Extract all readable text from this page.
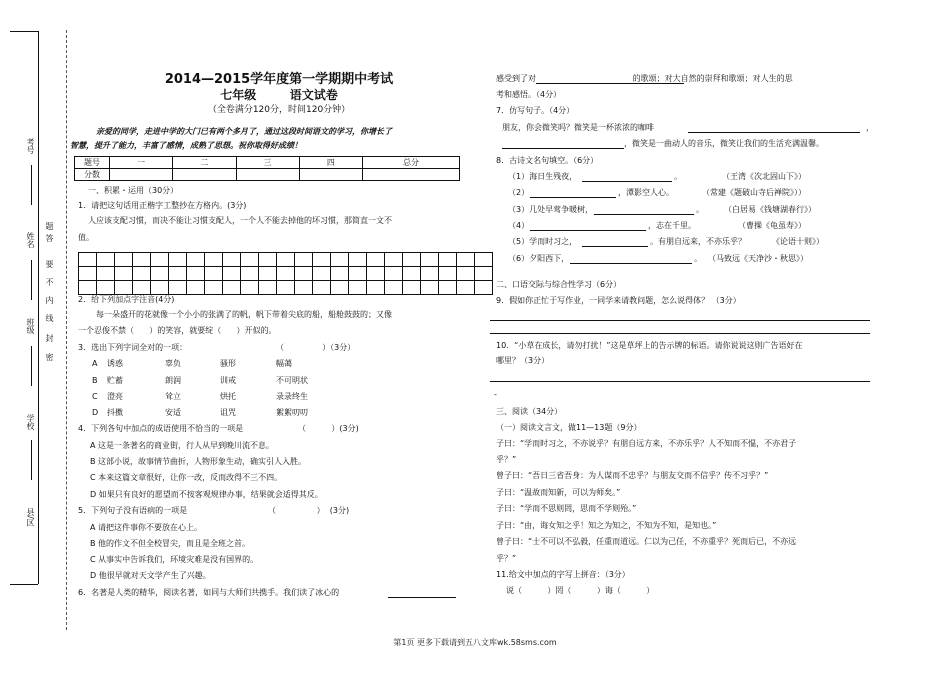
考号
姓名
题
答
要
不
内
线
班级
封
密
学校
县/区
2014—2015学年度第一学期期中考试
七年级        语文试卷
（全卷满分120分，时间120分钟）
亲爱的同学，走进中学的大门已有两个多月了，通过这段时间语文的学习，你增长了
智慧，提升了能力，丰富了感情，成熟了思想。祝你取得好成绩！
题号	一	二	三	四	总分
分数					
一、积累・运用（30分）
1．请把这句话用正楷字工整抄在方格内。(3分)
人应该支配习惯，而决不能让习惯支配人，一个人不能去掉他的坏习惯，那简直一文不
值。

2．给下列加点字注音(4分)
每一朵盛开的花就像一个小小的张满了的帆，帆下带着尖底的船，船舱鼓鼓的；又像
一个忍俊不禁（      ）的笑容，就要绽（      ）开似的。
3．选出下列字词全对的一项：	（               ）（3分）
A 诱惑	辜负	骚形	幅蔼
B 贮蓄	朗润	训戒	不可明状
C 澄亮	耸立	烘托	录录终生
D 抖擞	安适	诅咒	絮絮叨叨
4．下列各句中加点的成语使用不恰当的一项是	（          ）(3分)
A 这是一条著名的商业街，行人从早到晚川流不息。
B 这部小说，故事情节曲折，人物形象生动，确实引人入胜。
C 本来这篇文章很好，让你一改，反而改得不三不四。
D 如果只有良好的愿望而不按客观规律办事，结果就会适得其反。
5．下列句子没有语病的一项是	（                ）  (3分)
A 请把这件事你不要放在心上。
B 他的作文不但全校冒尖，而且是全班之首。
C 从事实中告诉我们，环境灾难是没有国界的。
D 他很早就对天文学产生了兴趣。
6．名著是人类的精华，阅读名著，如同与大师们共携手。我们读了冰心的
感受到了对                                      的歌颂；对大自然的崇拜和歌颂；对人生的思
考和感悟。（4分）
7．仿写句子。（4分）
朋友，你会微笑吗？微笑是一杯浓浓的咖啡	，
，微笑是一曲动人的音乐，微笑让我们的生活充满温馨。
8．古诗文名句填空。（6分）
（1）海日生残夜，	。	（王湾《次北固山下》）
（2）	，潭影空人心。	（常建《题破山寺后禅院》））
（3）几处早莺争暖树，	。	（白居易《钱塘湖春行》）
（4）	，志在千里。	（曹操《龟虽寿》）
（5）学而时习之，	。有朋自远来，不亦乐乎？	《论语十则》）
（6）夕阳西下，	。 （马致远《天净沙・秋思》）
二、口语交际与综合性学习（6分）
9．假如你正忙于写作业，一同学来请教问题，怎么说得体？ （3分）
10．“小草在成长，请勿打扰！”这是草坪上的告示牌的标语。请你说说这则广告语好在
哪里？（3分）
-
三、阅读（34分）
（一）阅读文言文，做11—13题（9分）
子曰：“学而时习之，不亦说乎？有朋自远方来，不亦乐乎？人不知而不愠，不亦君子
乎？”
曾子曰：“吾日三省吾身：为人谋而不忠乎？与朋友交而不信乎？传不习乎？”
子曰：“温故而知新，可以为师矣。”
子曰：“学而不思则罔，思而不学则殆。”
子曰：“由，诲女知之乎！知之为知之，不知为不知，是知也。”
曾子曰：“士不可以不弘毅，任重而道远。仁以为己任，不亦重乎？死而后已，不亦远
乎？”
11.给文中加点的字写上拼音：（3分）
说（          ）罔（          ）诲（          ）
第1页 更多下载请到五八文库wk.58sms.com
